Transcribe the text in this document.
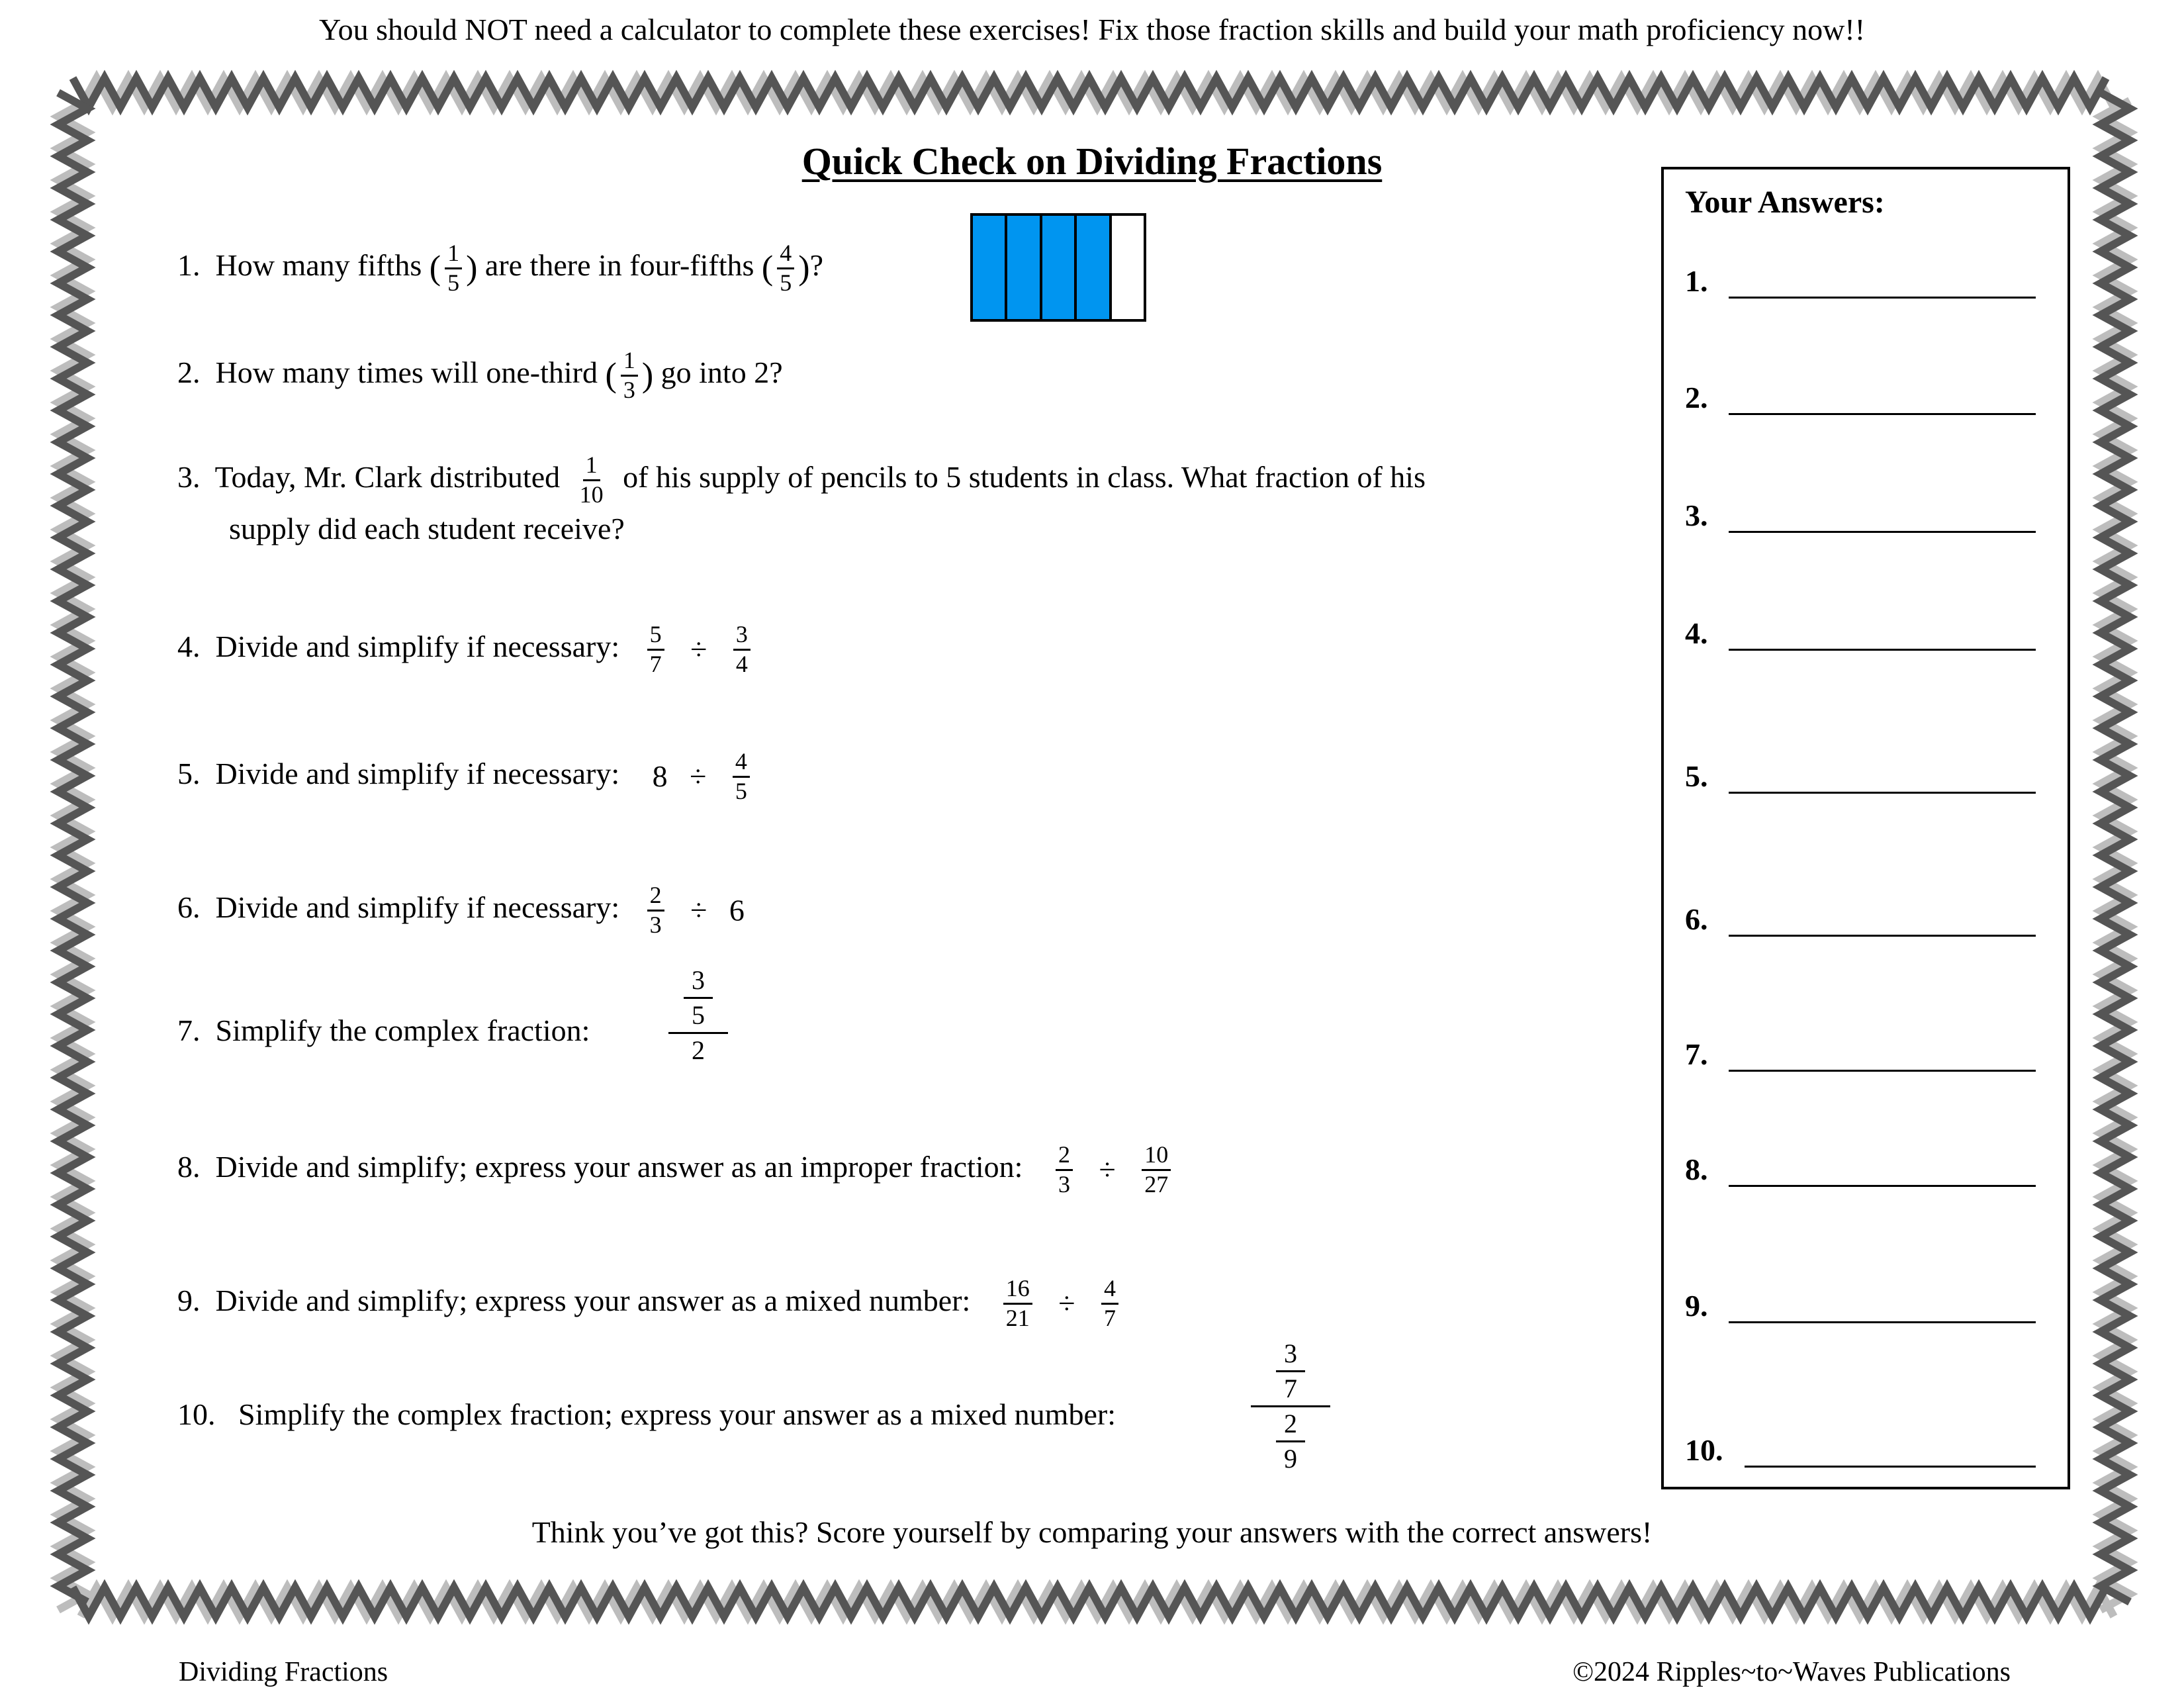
You should NOT need a calculator to complete these exercises! Fix those fraction skills and build your math proficiency now!!
Quick Check on Dividing Fractions
1. How many fifths ( $\frac{1}{5}$ ) are there in four-fifths ( $\frac{4}{5}$ )?
2. How many times will one-third ( $\frac{1}{3}$ ) go into 2?
3. Today, Mr. Clark distributed $\frac{1}{10}$ of his supply of pencils to 5 students in class. What fraction of his
supply did each student receive?
4. Divide and simplify if necessary: $\frac{5}{7} \div \frac{3}{4}$
5. Divide and simplify if necessary: $8 \div \frac{4}{5}$
6. Divide and simplify if necessary: $\frac{2}{3} \div 6$
7. Simplify the complex fraction:
3
5
2
8. Divide and simplify; express your answer as an improper fraction: $\frac{2}{3} \div \frac{10}{27}$
9. Divide and simplify; express your answer as a mixed number: $\frac{16}{21} \div \frac{4}{7}$
10. Simplify the complex fraction; express your answer as a mixed number:
3
7
2
9
Your Answers:
1.
2.
3.
4.
5.
6.
7.
8.
9.
10.
Think you’ve got this? Score yourself by comparing your answers with the correct answers!
Dividing Fractions	©2024 Ripples~to~Waves Publications
